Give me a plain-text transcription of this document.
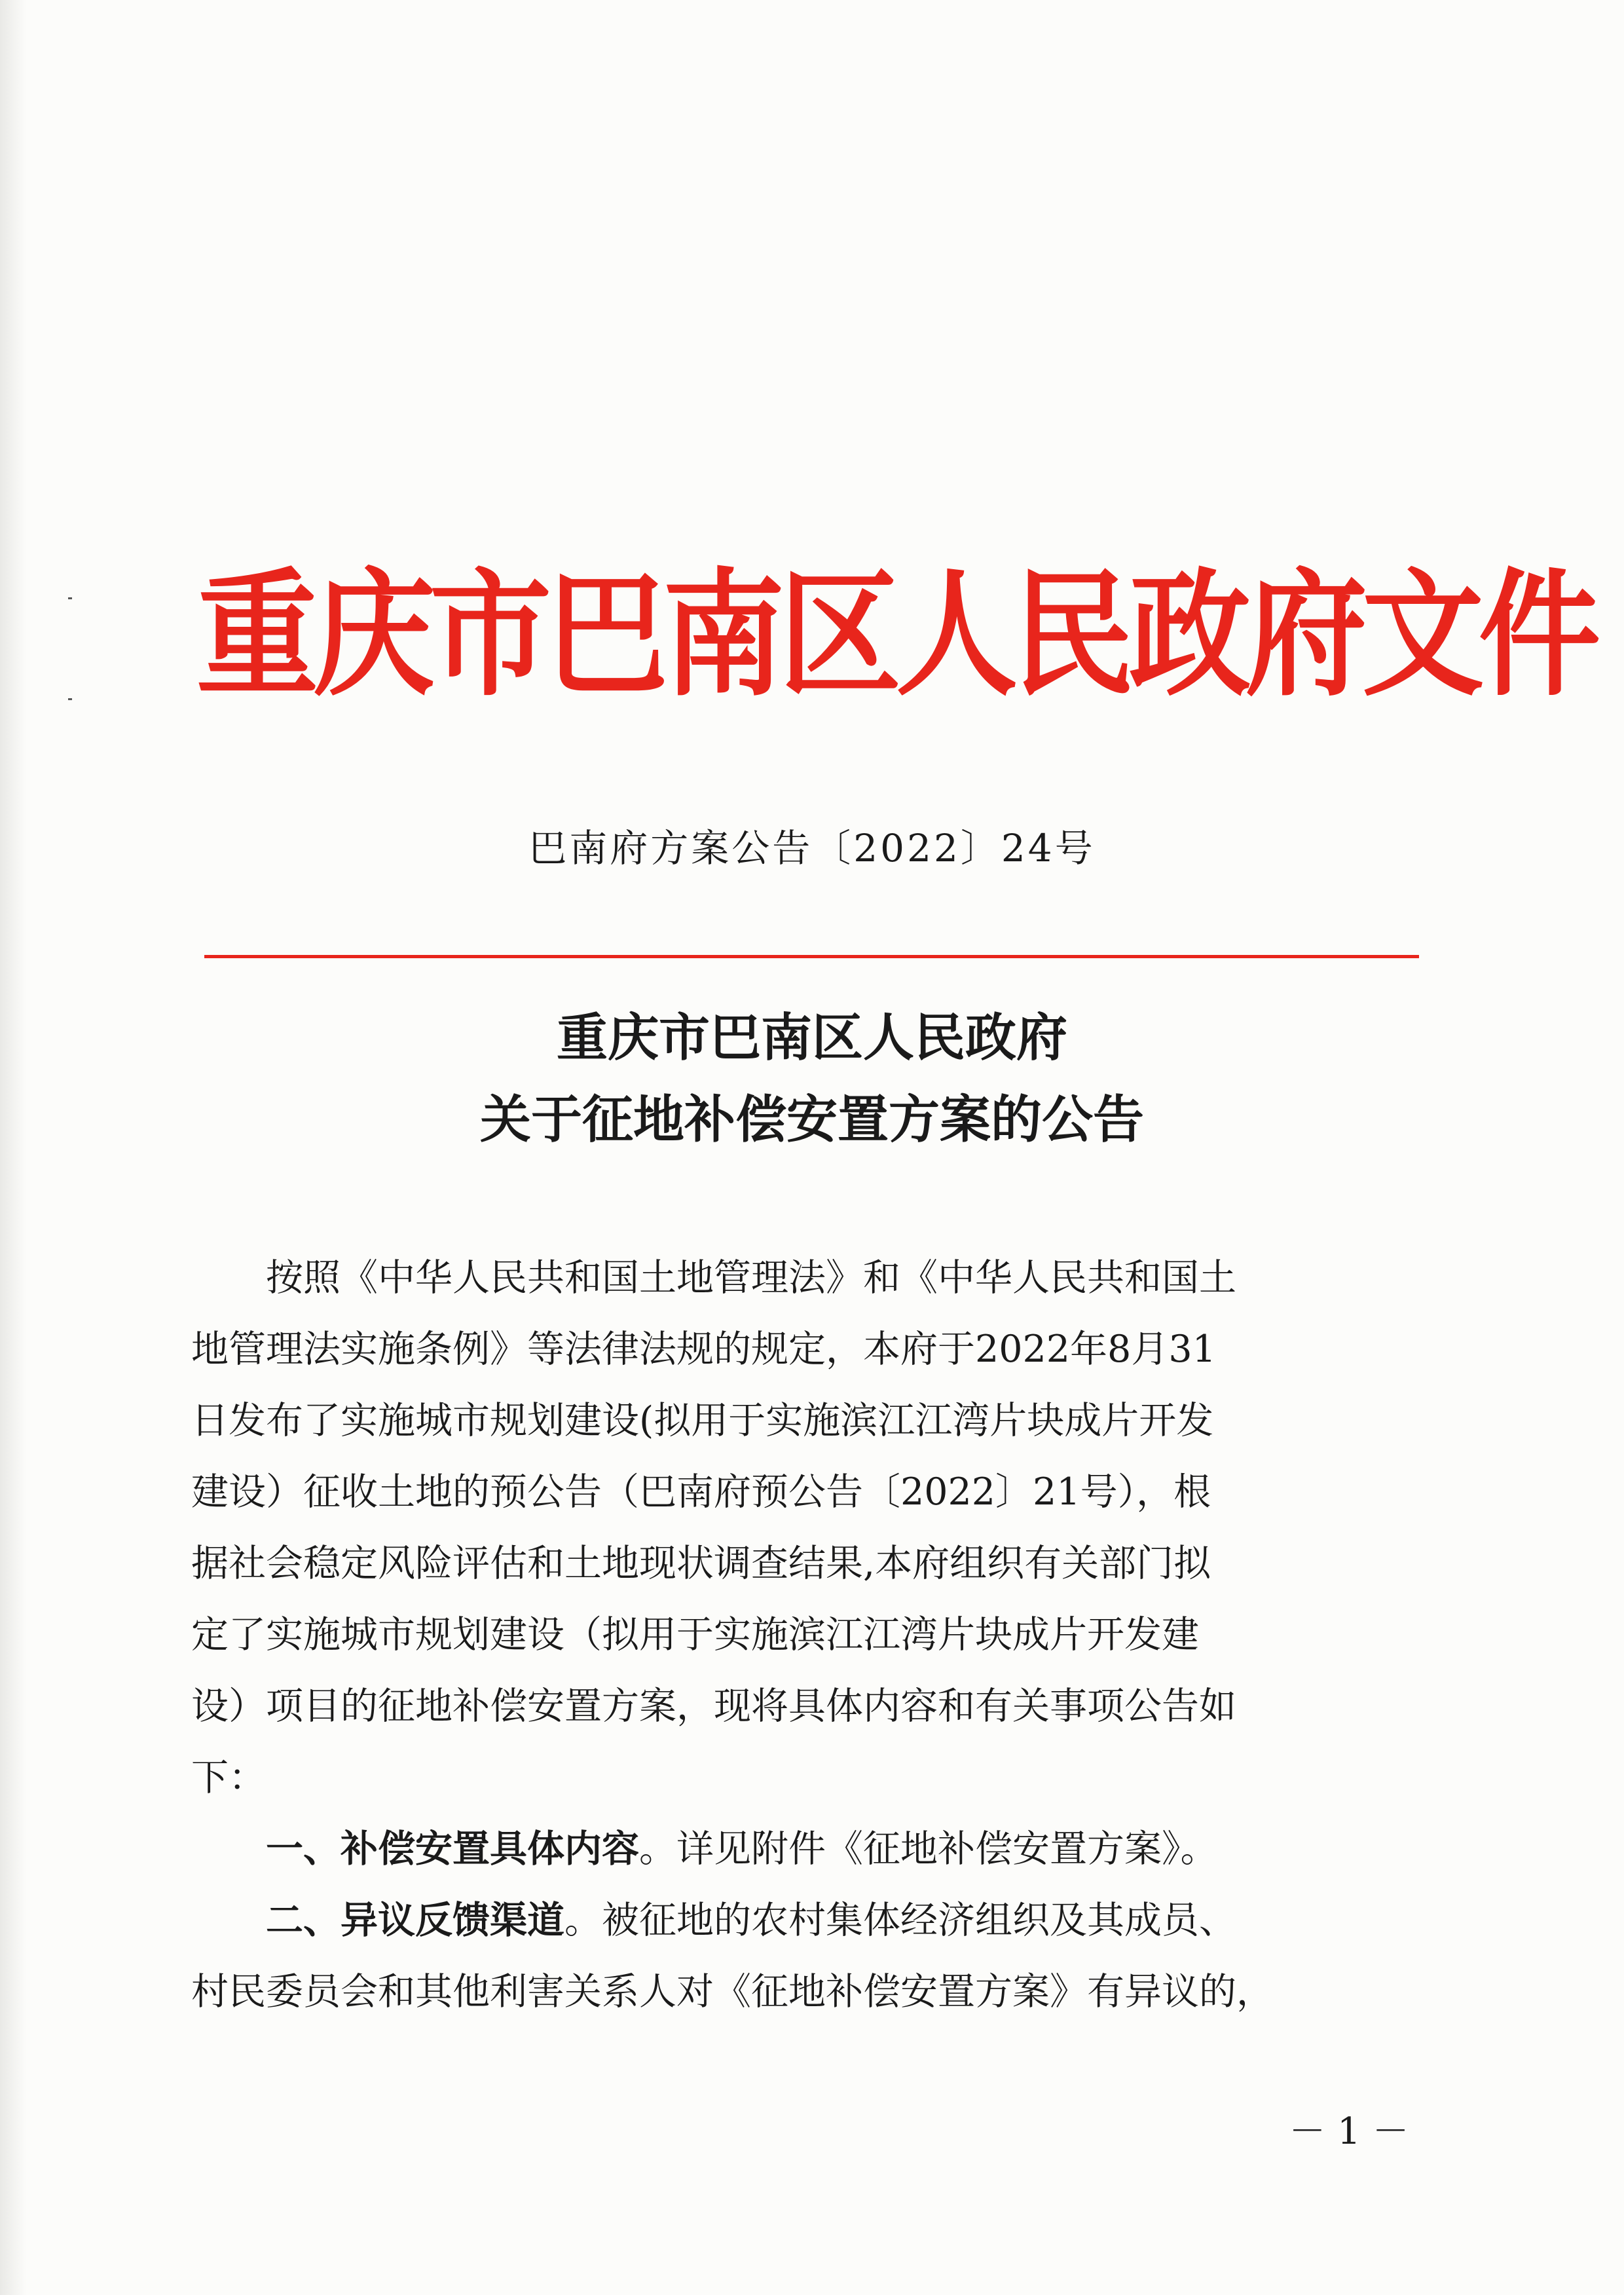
重庆市巴南区人民政府文件
巴南府方案公告〔2022〕24号
重庆市巴南区人民政府
关于征地补偿安置方案的公告

　　按照《中华人民共和国土地管理法》和《中华人民共和国土

地管理法实施条例》等法律法规的规定，本府于2022年8月31

日发布了实施城市规划建设(拟用于实施滨江江湾片块成片开发

建设）征收土地的预公告（巴南府预公告〔2022〕21号），根

据社会稳定风险评估和土地现状调查结果,本府组织有关部门拟

定了实施城市规划建设（拟用于实施滨江江湾片块成片开发建

设）项目的征地补偿安置方案，现将具体内容和有关事项公告如

下：

　　一、补偿安置具体内容。详见附件《征地补偿安置方案》。

　　二、异议反馈渠道。被征地的农村集体经济组织及其成员、

村民委员会和其他利害关系人对《征地补偿安置方案》有异议的，

－ 1 －
